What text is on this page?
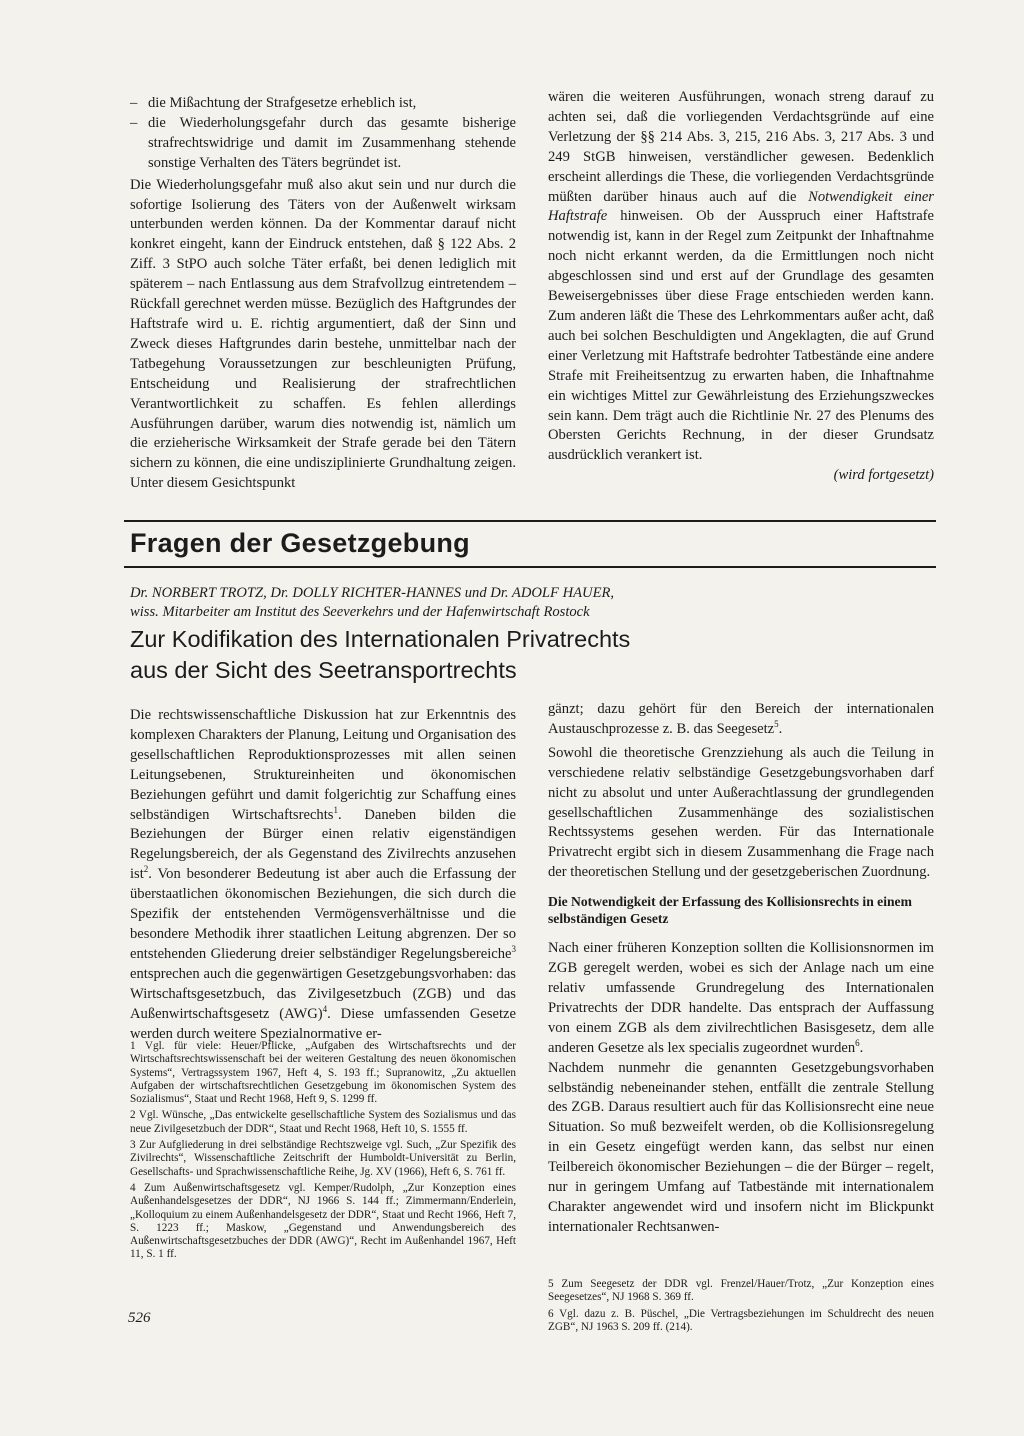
– die Mißachtung der Strafgesetze erheblich ist,
– die Wiederholungsgefahr durch das gesamte bisherige strafrechtswidrige und damit im Zusammenhang stehende sonstige Verhalten des Täters begründet ist.

Die Wiederholungsgefahr muß also akut sein und nur durch die sofortige Isolierung des Täters von der Außenwelt wirksam unterbunden werden können. Da der Kommentar darauf nicht konkret eingeht, kann der Eindruck entstehen, daß § 122 Abs. 2 Ziff. 3 StPO auch solche Täter erfaßt, bei denen lediglich mit späterem – nach Entlassung aus dem Strafvollzug eintretendem – Rückfall gerechnet werden müsse. Bezüglich des Haftgrundes der Haftstrafe wird u. E. richtig argumentiert, daß der Sinn und Zweck dieses Haftgrundes darin bestehe, unmittelbar nach der Tatbegehung Voraussetzungen zur beschleunigten Prüfung, Entscheidung und Realisierung der strafrechtlichen Verantwortlichkeit zu schaffen. Es fehlen allerdings Ausführungen darüber, warum dies notwendig ist, nämlich um die erzieherische Wirksamkeit der Strafe gerade bei den Tätern sichern zu können, die eine undisziplinierte Grundhaltung zeigen. Unter diesem Gesichtspunkt

wären die weiteren Ausführungen, wonach streng darauf zu achten sei, daß die vorliegenden Verdachtsgründe auf eine Verletzung der §§ 214 Abs. 3, 215, 216 Abs. 3, 217 Abs. 3 und 249 StGB hinweisen, verständlicher gewesen. Bedenklich erscheint allerdings die These, die vorliegenden Verdachtsgründe müßten darüber hinaus auch auf die Notwendigkeit einer Haftstrafe hinweisen. Ob der Ausspruch einer Haftstrafe notwendig ist, kann in der Regel zum Zeitpunkt der Inhaftnahme noch nicht erkannt werden, da die Ermittlungen noch nicht abgeschlossen sind und erst auf der Grundlage des gesamten Beweisergebnisses über diese Frage entschieden werden kann. Zum anderen läßt die These des Lehrkommentars außer acht, daß auch bei solchen Beschuldigten und Angeklagten, die auf Grund einer Verletzung mit Haftstrafe bedrohter Tatbestände eine andere Strafe mit Freiheitsentzug zu erwarten haben, die Inhaftnahme ein wichtiges Mittel zur Gewährleistung des Erziehungszweckes sein kann. Dem trägt auch die Richtlinie Nr. 27 des Plenums des Obersten Gerichts Rechnung, in der dieser Grundsatz ausdrücklich verankert ist.

(wird fortgesetzt)

Fragen der Gesetzgebung
Dr. NORBERT TROTZ, Dr. DOLLY RICHTER-HANNES und Dr. ADOLF HAUER,
wiss. Mitarbeiter am Institut des Seeverkehrs und der Hafenwirtschaft Rostock
Zur Kodifikation des Internationalen Privatrechts
aus der Sicht des Seetransportrechts

Die rechtswissenschaftliche Diskussion hat zur Erkenntnis des komplexen Charakters der Planung, Leitung und Organisation des gesellschaftlichen Reproduktionsprozesses mit allen seinen Leitungsebenen, Struktureinheiten und ökonomischen Beziehungen geführt und damit folgerichtig zur Schaffung eines selbständigen Wirtschaftsrechts$^1$. Daneben bilden die Beziehungen der Bürger einen relativ eigenständigen Regelungsbereich, der als Gegenstand des Zivilrechts anzusehen ist$^2$. Von besonderer Bedeutung ist aber auch die Erfassung der überstaatlichen ökonomischen Beziehungen, die sich durch die Spezifik der entstehenden Vermögensverhältnisse und die besondere Methodik ihrer staatlichen Leitung abgrenzen. Der so entstehenden Gliederung dreier selbständiger Regelungsbereiche$^3$ entsprechen auch die gegenwärtigen Gesetzgebungsvorhaben: das Wirtschaftsgesetzbuch, das Zivilgesetzbuch (ZGB) und das Außenwirtschaftsgesetz (AWG)$^4$. Diese umfassenden Gesetze werden durch weitere Spezialnormative er-

gänzt; dazu gehört für den Bereich der internationalen Austauschprozesse z. B. das Seegesetz$^5$.

Sowohl die theoretische Grenzziehung als auch die Teilung in verschiedene relativ selbständige Gesetzgebungsvorhaben darf nicht zu absolut und unter Außerachtlassung der grundlegenden gesellschaftlichen Zusammenhänge des sozialistischen Rechtssystems gesehen werden. Für das Internationale Privatrecht ergibt sich in diesem Zusammenhang die Frage nach der theoretischen Stellung und der gesetzgeberischen Zuordnung.

Die Notwendigkeit der Erfassung des Kollisionsrechts in einem selbständigen Gesetz

Nach einer früheren Konzeption sollten die Kollisionsnormen im ZGB geregelt werden, wobei es sich der Anlage nach um eine relativ umfassende Grundregelung des Internationalen Privatrechts der DDR handelte. Das entsprach der Auffassung von einem ZGB als dem zivilrechtlichen Basisgesetz, dem alle anderen Gesetze als lex specialis zugeordnet wurden$^6$.

Nachdem nunmehr die genannten Gesetzgebungsvorhaben selbständig nebeneinander stehen, entfällt die zentrale Stellung des ZGB. Daraus resultiert auch für das Kollisionsrecht eine neue Situation. So muß bezweifelt werden, ob die Kollisionsregelung in ein Gesetz eingefügt werden kann, das selbst nur einen Teilbereich ökonomischer Beziehungen – die der Bürger – regelt, nur in geringem Umfang auf Tatbestände mit internationalem Charakter angewendet wird und insofern nicht im Blickpunkt internationaler Rechtsanwen-

1 Vgl. für viele: Heuer/Pflicke, „Aufgaben des Wirtschaftsrechts und der Wirtschaftsrechtswissenschaft bei der weiteren Gestaltung des neuen ökonomischen Systems“, Vertragssystem 1967, Heft 4, S. 193 ff.; Supranowitz, „Zu aktuellen Aufgaben der wirtschaftsrechtlichen Gesetzgebung im ökonomischen System des Sozialismus“, Staat und Recht 1968, Heft 9, S. 1299 ff.

2 Vgl. Wünsche, „Das entwickelte gesellschaftliche System des Sozialismus und das neue Zivilgesetzbuch der DDR“, Staat und Recht 1968, Heft 10, S. 1555 ff.

3 Zur Aufgliederung in drei selbständige Rechtszweige vgl. Such, „Zur Spezifik des Zivilrechts“, Wissenschaftliche Zeitschrift der Humboldt-Universität zu Berlin, Gesellschafts- und Sprachwissenschaftliche Reihe, Jg. XV (1966), Heft 6, S. 761 ff.

4 Zum Außenwirtschaftsgesetz vgl. Kemper/Rudolph, „Zur Konzeption eines Außenhandelsgesetzes der DDR“, NJ 1966 S. 144 ff.; Zimmermann/Enderlein, „Kolloquium zu einem Außenhandelsgesetz der DDR“, Staat und Recht 1966, Heft 7, S. 1223 ff.; Maskow, „Gegenstand und Anwendungsbereich des Außenwirtschaftsgesetzbuches der DDR (AWG)“, Recht im Außenhandel 1967, Heft 11, S. 1 ff.

5 Zum Seegesetz der DDR vgl. Frenzel/Hauer/Trotz, „Zur Konzeption eines Seegesetzes“, NJ 1968 S. 369 ff.

6 Vgl. dazu z. B. Püschel, „Die Vertragsbeziehungen im Schuldrecht des neuen ZGB“, NJ 1963 S. 209 ff. (214).

526
